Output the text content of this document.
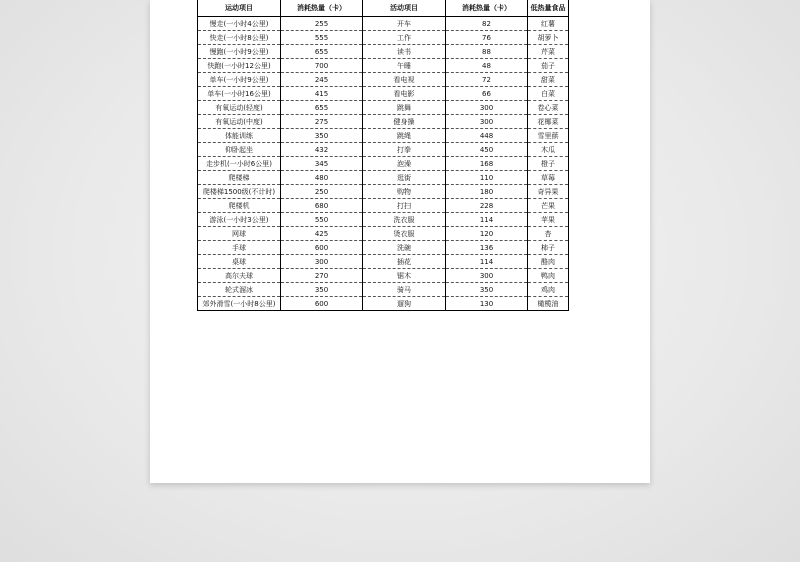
运动项目	消耗热量（卡）	活动项目	消耗热量（卡）	低热量食品
慢走(一小时4公里)	255	开车	82	红薯
快走(一小时8公里)	555	工作	76	胡萝卜
慢跑(一小时9公里)	655	读书	88	芹菜
快跑(一小时12公里)	700	午睡	48	茄子
单车(一小时9公里)	245	看电视	72	甜菜
单车(一小时16公里)	415	看电影	66	白菜
有氧运动(轻度)	655	跳舞	300	卷心菜
有氧运动(中度)	275	健身操	300	花椰菜
体能训练	350	跳绳	448	雪里蕻
仰卧起坐	432	打拳	450	木瓜
走步机(一小时6公里)	345	泡澡	168	橙子
爬楼梯	480	逛街	110	草莓
爬楼梯1500级(不计时)	250	购物	180	奇异果
爬楼机	680	打扫	228	芒果
游泳(一小时3公里)	550	洗衣服	114	苹果
网球	425	烫衣服	120	杏
手球	600	洗碗	136	柿子
桌球	300	插花	114	酪肉
高尔夫球	270	锯木	300	鸭肉
轮式溜冰	350	骑马	350	鸡肉
郊外滑雪(一小时8公里)	600	遛狗	130	橄榄油
